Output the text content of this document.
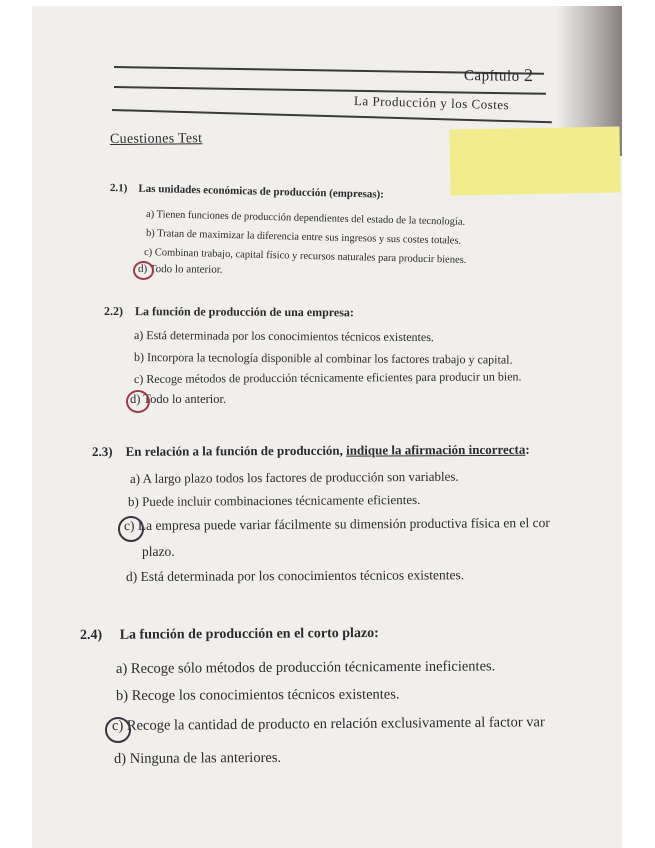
Capítulo 2
La Producción y los Costes
Cuestiones Test
2.1) Las unidades económicas de producción (empresas):
a) Tienen funciones de producción dependientes del estado de la tecnología.
b) Tratan de maximizar la diferencia entre sus ingresos y sus costes totales.
c) Combinan trabajo, capital físico y recursos naturales para producir bienes.
d) Todo lo anterior.
2.2) La función de producción de una empresa:
a) Está determinada por los conocimientos técnicos existentes.
b) Incorpora la tecnología disponible al combinar los factores trabajo y capital.
c) Recoge métodos de producción técnicamente eficientes para producir un bien.
d) Todo lo anterior.
2.3) En relación a la función de producción, indique la afirmación incorrecta:
a) A largo plazo todos los factores de producción son variables.
b) Puede incluir combinaciones técnicamente eficientes.
c) La empresa puede variar fácilmente su dimensión productiva física en el cor
plazo.
d) Está determinada por los conocimientos técnicos existentes.
2.4) La función de producción en el corto plazo:
a) Recoge sólo métodos de producción técnicamente ineficientes.
b) Recoge los conocimientos técnicos existentes.
c) Recoge la cantidad de producto en relación exclusivamente al factor var
d) Ninguna de las anteriores.
